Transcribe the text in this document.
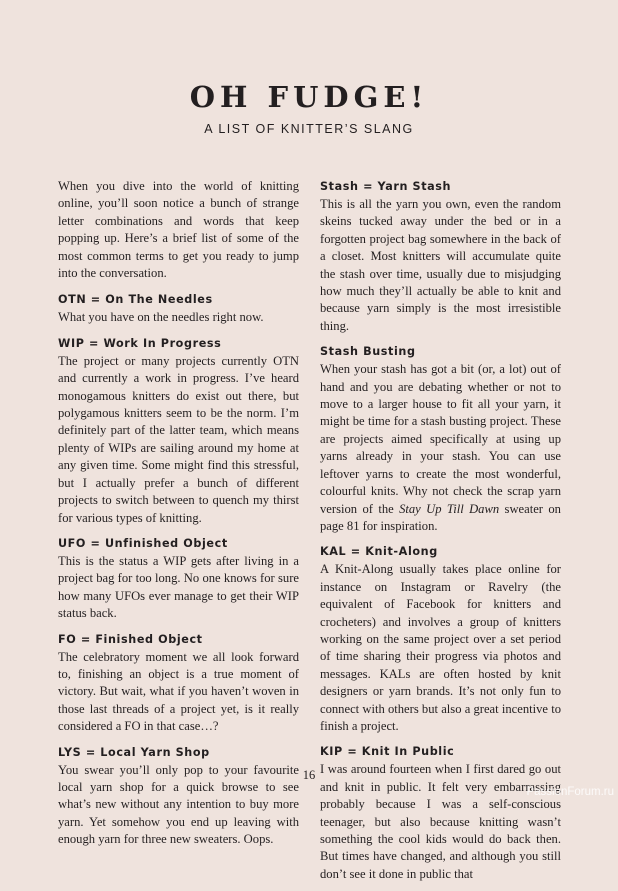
OH FUDGE!
A LIST OF KNITTER’S SLANG

When you dive into the world of knitting online, you’ll soon notice a bunch of strange letter combinations and words that keep popping up. Here’s a brief list of some of the most common terms to get you ready to jump into the conversation.

OTN = On The Needles

What you have on the needles right now.

WIP = Work In Progress

The project or many projects currently OTN and currently a work in progress. I’ve heard monogamous knitters do exist out there, but polygamous knitters seem to be the norm. I’m definitely part of the latter team, which means plenty of WIPs are sailing around my home at any given time. Some might find this stressful, but I actually prefer a bunch of different projects to switch between to quench my thirst for various types of knitting.

UFO = Unfinished Object

This is the status a WIP gets after living in a project bag for too long. No one knows for sure how many UFOs ever manage to get their WIP status back.

FO = Finished Object

The celebratory moment we all look forward to, finishing an object is a true moment of victory. But wait, what if you haven’t woven in those last threads of a project yet, is it really considered a FO in that case…?

LYS = Local Yarn Shop

You swear you’ll only pop to your favourite local yarn shop for a quick browse to see what’s new without any intention to buy more yarn. Yet somehow you end up leaving with enough yarn for three new sweaters. Oops.

Stash = Yarn Stash

This is all the yarn you own, even the random skeins tucked away under the bed or in a forgotten project bag somewhere in the back of a closet. Most knitters will accumulate quite the stash over time, usually due to misjudging how much they’ll actually be able to knit and because yarn simply is the most irresistible thing.

Stash Busting

When your stash has got a bit (or, a lot) out of hand and you are debating whether or not to move to a larger house to fit all your yarn, it might be time for a stash busting project. These are projects aimed specifically at using up yarns already in your stash. You can use leftover yarns to create the most wonderful, colourful knits. Why not check the scrap yarn version of the Stay Up Till Dawn sweater on page 81 for inspiration.

KAL = Knit-Along

A Knit-Along usually takes place online for instance on Instagram or Ravelry (the equivalent of Facebook for knitters and crocheters) and involves a group of knitters working on the same project over a set period of time sharing their progress via photos and messages. KALs are often hosted by knit designers or yarn brands. It’s not only fun to connect with others but also a great incentive to finish a project.

KIP = Knit In Public

I was around fourteen when I first dared go out and knit in public. It felt very embarrassing probably because I was a self-conscious teenager, but also because knitting wasn’t something the cool kids would do back then. But times have changed, and although you still don’t see it done in public that

16
PassionForum.ru
